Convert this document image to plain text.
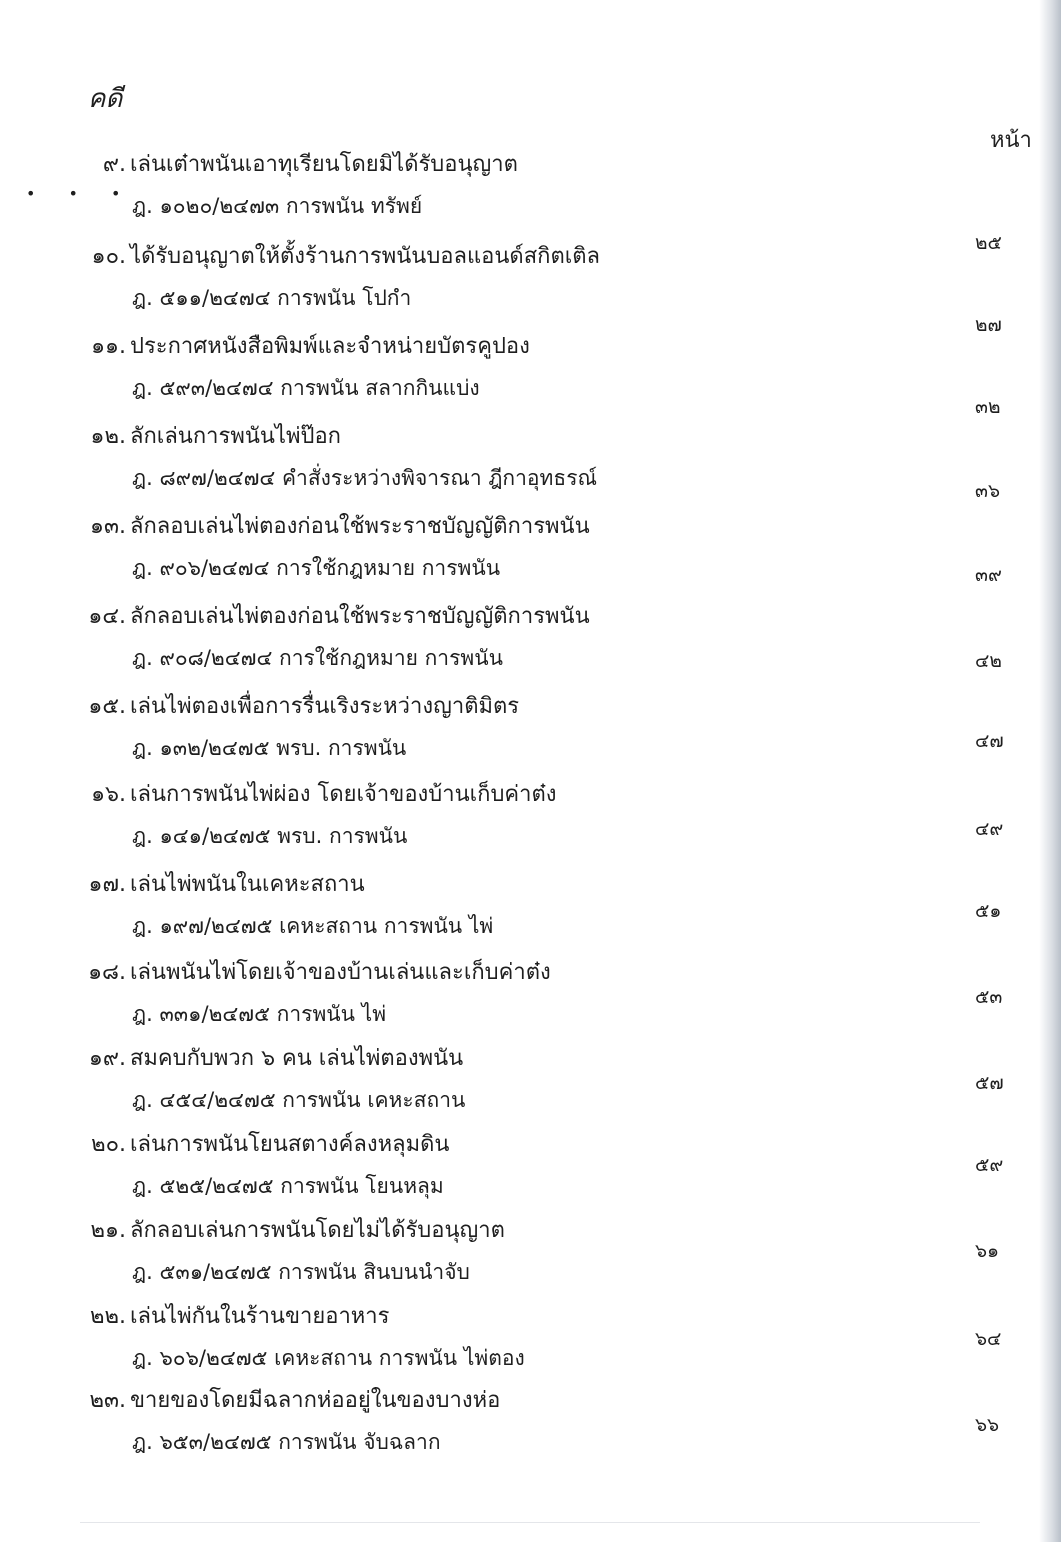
คดี
หน้า
• • •
๙. เล่นเต๋าพนันเอาทุเรียนโดยมิได้รับอนุญาต
ฎ. ๑๐๒๐/๒๔๗๓ การพนัน ทรัพย์
๒๕
๑๐. ได้รับอนุญาตให้ตั้งร้านการพนันบอลแอนด์สกิตเติล
ฎ. ๕๑๑/๒๔๗๔ การพนัน โปกำ
๒๗
๑๑. ประกาศหนังสือพิมพ์และจำหน่ายบัตรคูปอง
ฎ. ๕๙๓/๒๔๗๔ การพนัน สลากกินแบ่ง
๓๒
๑๒. ลักเล่นการพนันไพ่ป๊อก
ฎ. ๘๙๗/๒๔๗๔ คำสั่งระหว่างพิจารณา ฎีกาอุทธรณ์
๓๖
๑๓. ลักลอบเล่นไพ่ตองก่อนใช้พระราชบัญญัติการพนัน
ฎ. ๙๐๖/๒๔๗๔ การใช้กฎหมาย การพนัน	๓๙
๑๔. ลักลอบเล่นไพ่ตองก่อนใช้พระราชบัญญัติการพนัน
ฎ. ๙๐๘/๒๔๗๔ การใช้กฎหมาย การพนัน	๔๒
๑๕. เล่นไพ่ตองเพื่อการรื่นเริงระหว่างญาติมิตร
ฎ. ๑๓๒/๒๔๗๕ พรบ. การพนัน	๔๗
๑๖. เล่นการพนันไพ่ผ่อง โดยเจ้าของบ้านเก็บค่าต๋ง
ฎ. ๑๔๑/๒๔๗๕ พรบ. การพนัน	๔๙
๑๗. เล่นไพ่พนันในเคหะสถาน
ฎ. ๑๙๗/๒๔๗๕ เคหะสถาน การพนัน ไพ่
๕๑
๑๘. เล่นพนันไพ่โดยเจ้าของบ้านเล่นและเก็บค่าต๋ง
ฎ. ๓๓๑/๒๔๗๕ การพนัน ไพ่
๕๓
๑๙. สมคบกับพวก ๖ คน เล่นไพ่ตองพนัน
ฎ. ๔๕๔/๒๔๗๕ การพนัน เคหะสถาน
๕๗
๒๐. เล่นการพนันโยนสตางค์ลงหลุมดิน
ฎ. ๕๒๕/๒๔๗๕ การพนัน โยนหลุม
๕๙
๒๑. ลักลอบเล่นการพนันโดยไม่ได้รับอนุญาต
ฎ. ๕๓๑/๒๔๗๕ การพนัน สินบนนำจับ
๖๑
๒๒. เล่นไพ่กันในร้านขายอาหาร
ฎ. ๖๐๖/๒๔๗๕ เคหะสถาน การพนัน ไพ่ตอง
๖๔
๒๓. ขายของโดยมีฉลากห่ออยู่ในของบางห่อ
ฎ. ๖๕๓/๒๔๗๕ การพนัน จับฉลาก
๖๖
